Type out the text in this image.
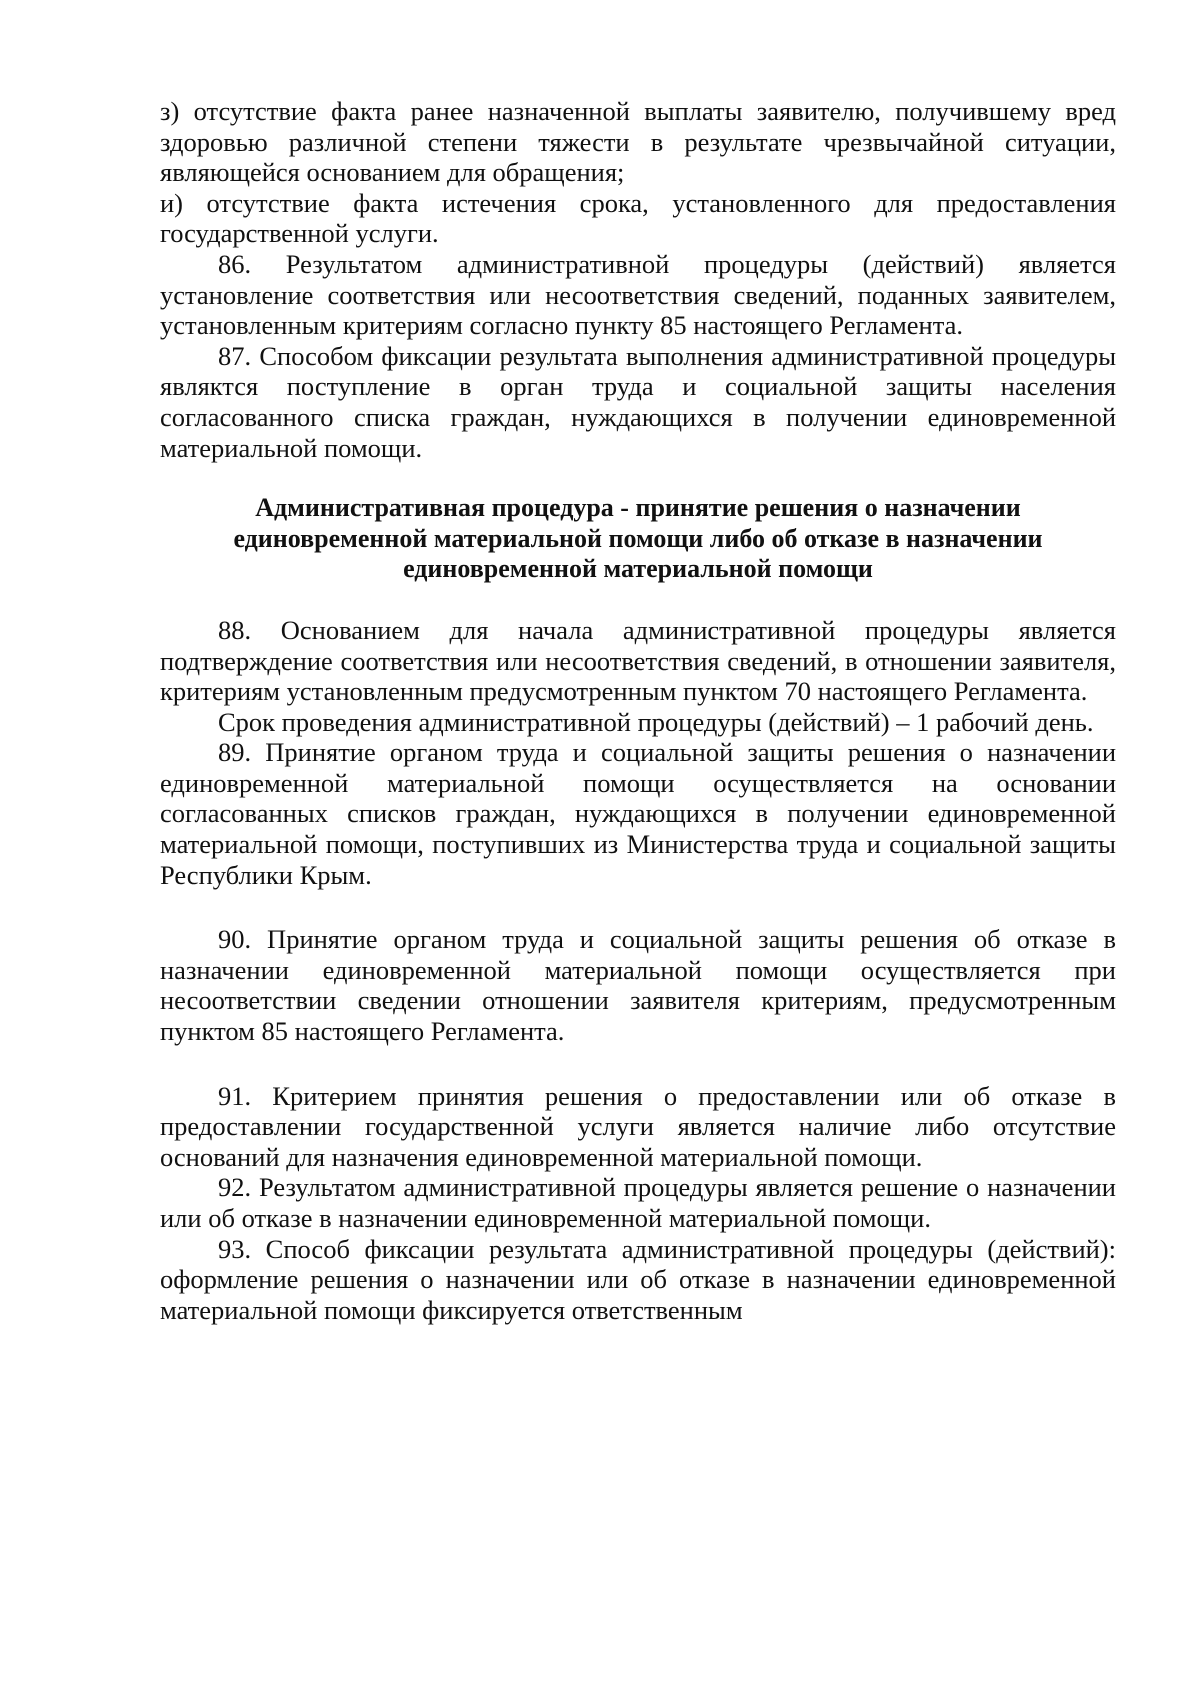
з) отсутствие факта ранее назначенной выплаты заявителю, получившему вред здоровью различной степени тяжести в результате чрезвычайной ситуации, являющейся основанием для обращения;

и) отсутствие факта истечения срока, установленного для предоставления государственной услуги.

86. Результатом административной процедуры (действий) является установление соответствия или несоответствия сведений, поданных заявителем, установленным критериям согласно пункту 85 настоящего Регламента.

87. Способом фиксации результата выполнения административной процедуры являктся поступление в орган труда и социальной защиты населения согласованного списка граждан, нуждающихся в получении единовременной материальной помощи.

Административная процедура - принятие решения о назначении

единовременной материальной помощи либо об отказе в назначении

единовременной материальной помощи

88. Основанием для начала административной процедуры является подтверждение соответствия или несоответствия сведений, в отношении заявителя, критериям установленным предусмотренным пунктом 70 настоящего Регламента.

Срок проведения административной процедуры (действий) – 1 рабочий день.

89. Принятие органом труда и социальной защиты решения о назначении единовременной материальной помощи осуществляется на основании согласованных списков граждан, нуждающихся в получении единовременной материальной помощи, поступивших из Министерства труда и социальной защиты Республики Крым.

90. Принятие органом труда и социальной защиты решения об отказе в назначении единовременной материальной помощи осуществляется при несоответствии сведении отношении заявителя критериям, предусмотренным пунктом 85 настоящего Регламента.

91. Критерием принятия решения о предоставлении или об отказе в предоставлении государственной услуги является наличие либо отсутствие оснований для назначения единовременной материальной помощи.

92. Результатом административной процедуры является решение о назначении или об отказе в назначении единовременной материальной помощи.

93. Способ фиксации результата административной процедуры (действий): оформление решения о назначении или об отказе в назначении единовременной материальной помощи фиксируется ответственным
